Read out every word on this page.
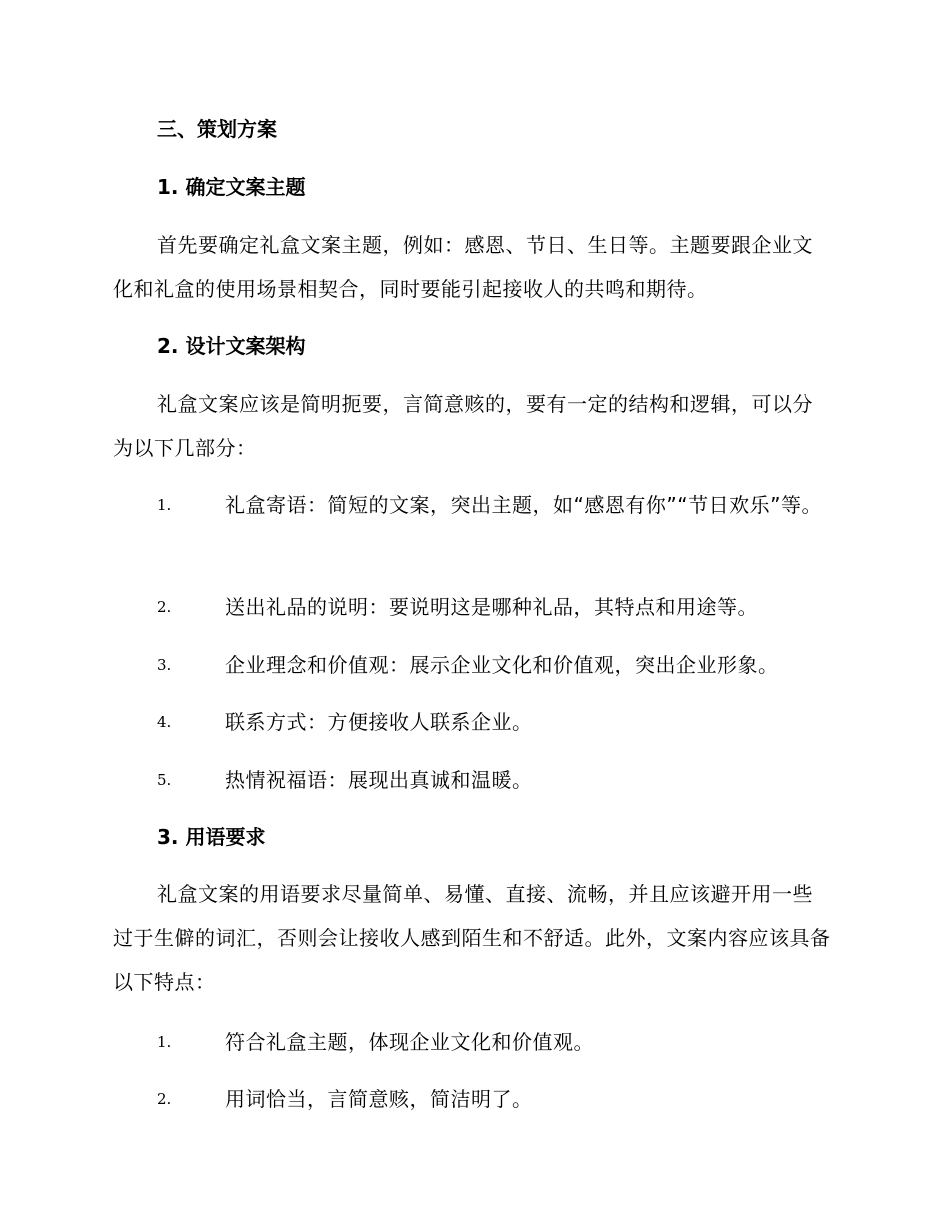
三、策划方案
1. 确定文案主题
首先要确定礼盒文案主题，例如：感恩、节日、生日等。主题要跟企业文化和礼盒的使用场景相契合，同时要能引起接收人的共鸣和期待。
2. 设计文案架构
礼盒文案应该是简明扼要，言简意赅的，要有一定的结构和逻辑，可以分为以下几部分：
1.	礼盒寄语：简短的文案，突出主题，如“感恩有你”“节日欢乐”等。
2.	送出礼品的说明：要说明这是哪种礼品，其特点和用途等。
3.	企业理念和价值观：展示企业文化和价值观，突出企业形象。
4.	联系方式：方便接收人联系企业。
5.	热情祝福语：展现出真诚和温暖。
3. 用语要求
礼盒文案的用语要求尽量简单、易懂、直接、流畅，并且应该避开用一些过于生僻的词汇，否则会让接收人感到陌生和不舒适。此外，文案内容应该具备以下特点：
1.	符合礼盒主题，体现企业文化和价值观。
2.	用词恰当，言简意赅，简洁明了。
